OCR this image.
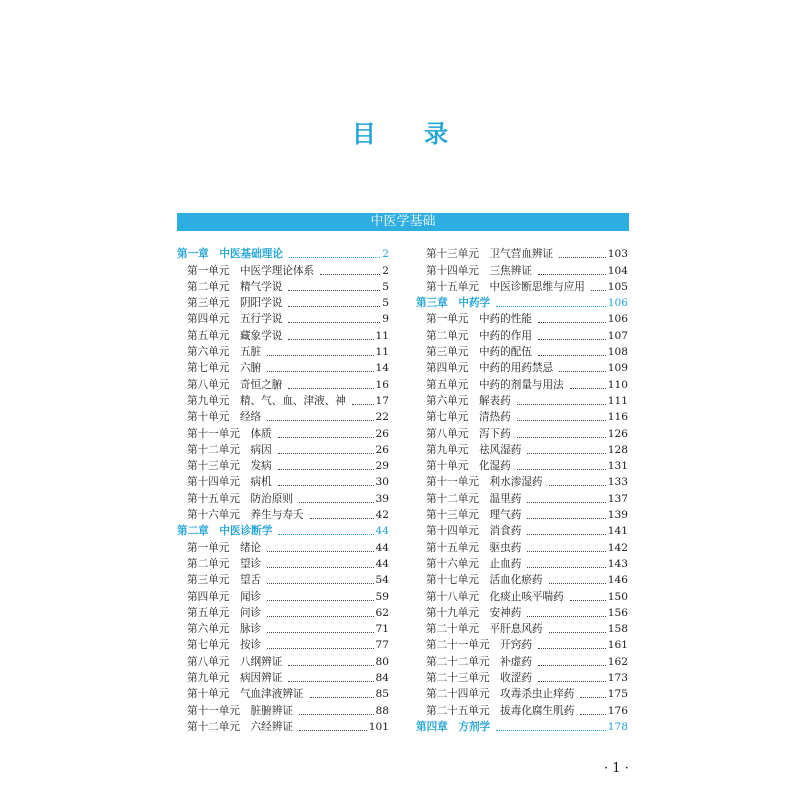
目 录
中医学基础
第一章　中医基础理论	2
第一单元　中医学理论体系	2
第二单元　精气学说	5
第三单元　阴阳学说	5
第四单元　五行学说	9
第五单元　藏象学说	11
第六单元　五脏	11
第七单元　六腑	14
第八单元　奇恒之腑	16
第九单元　精、气、血、津液、神	17
第十单元　经络	22
第十一单元　体质	26
第十二单元　病因	26
第十三单元　发病	29
第十四单元　病机	30
第十五单元　防治原则	39
第十六单元　养生与寿夭	42
第二章　中医诊断学	44
第一单元　绪论	44
第二单元　望诊	44
第三单元　望舌	54
第四单元　闻诊	59
第五单元　问诊	62
第六单元　脉诊	71
第七单元　按诊	77
第八单元　八纲辨证	80
第九单元　病因辨证	84
第十单元　气血津液辨证	85
第十一单元　脏腑辨证	88
第十二单元　六经辨证	101
第十三单元　卫气营血辨证	103
第十四单元　三焦辨证	104
第十五单元　中医诊断思维与应用 105
第三章　中药学	106
第一单元　中药的性能	106
第二单元　中药的作用	107
第三单元　中药的配伍	108
第四单元　中药的用药禁忌	109
第五单元　中药的剂量与用法	110
第六单元　解表药	111
第七单元　清热药	116
第八单元　泻下药	126
第九单元　祛风湿药	128
第十单元　化湿药	131
第十一单元　利水渗湿药	133
第十二单元　温里药	137
第十三单元　理气药	139
第十四单元　消食药	141
第十五单元　驱虫药	142
第十六单元　止血药	143
第十七单元　活血化瘀药	146
第十八单元　化痰止咳平喘药	150
第十九单元　安神药	156
第二十单元　平肝息风药	158
第二十一单元　开窍药	161
第二十二单元　补虚药	162
第二十三单元　收涩药	173
第二十四单元　攻毒杀虫止痒药	175
第二十五单元　拔毒化腐生肌药	176
第四章　方剂学	178
· 1 ·
